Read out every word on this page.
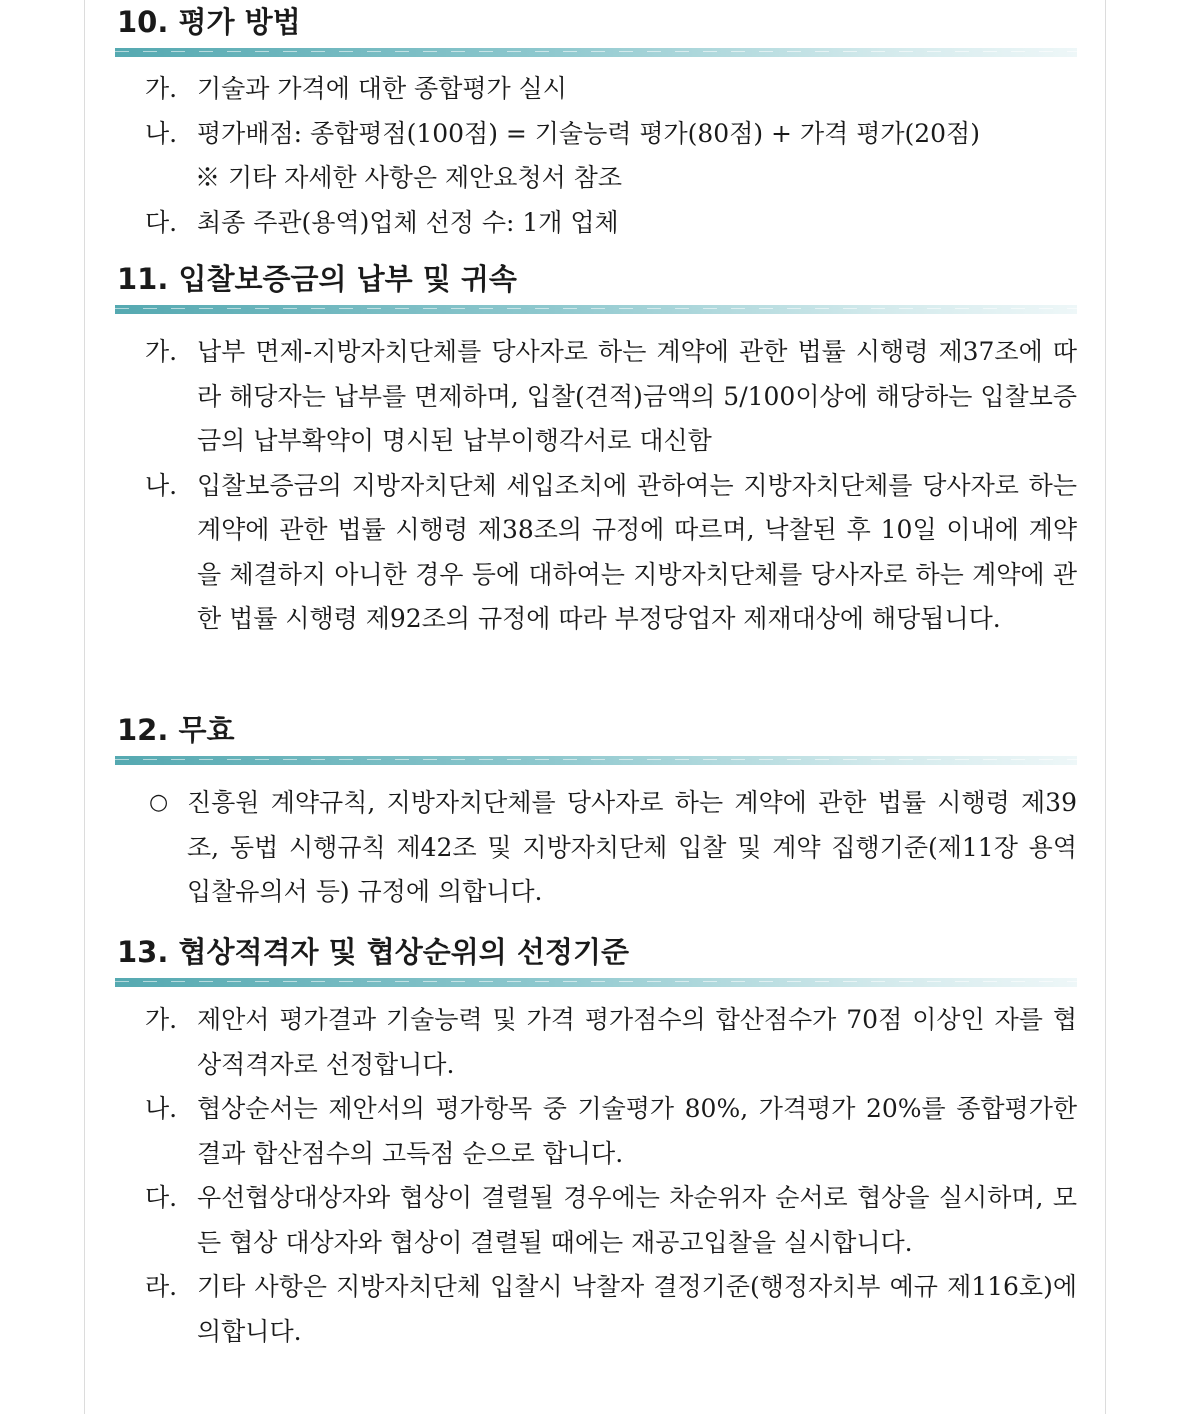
10. 평가 방법

가. 기술과 가격에 대한 종합평가 실시

나. 평가배점: 종합평점(100점) = 기술능력 평가(80점) + 가격 평가(20점)

※ 기타 자세한 사항은 제안요청서 참조

다. 최종 주관(용역)업체 선정 수: 1개 업체

11. 입찰보증금의 납부 및 귀속

가. 납부 면제-지방자치단체를 당사자로 하는 계약에 관한 법률 시행령 제37조에 따라 해당자는 납부를 면제하며, 입찰(견적)금액의 5/100이상에 해당하는 입찰보증금의 납부확약이 명시된 납부이행각서로 대신함

나. 입찰보증금의 지방자치단체 세입조치에 관하여는 지방자치단체를 당사자로 하는 계약에 관한 법률 시행령 제38조의 규정에 따르며, 낙찰된 후 10일 이내에 계약을 체결하지 아니한 경우 등에 대하여는 지방자치단체를 당사자로 하는 계약에 관한 법률 시행령 제92조의 규정에 따라 부정당업자 제재대상에 해당됩니다.

12. 무효

○ 진흥원 계약규칙, 지방자치단체를 당사자로 하는 계약에 관한 법률 시행령 제39조, 동법 시행규칙 제42조 및 지방자치단체 입찰 및 계약 집행기준(제11장 용역 입찰유의서 등) 규정에 의합니다.

13. 협상적격자 및 협상순위의 선정기준

가. 제안서 평가결과 기술능력 및 가격 평가점수의 합산점수가 70점 이상인 자를 협상적격자로 선정합니다.

나. 협상순서는 제안서의 평가항목 중 기술평가 80%, 가격평가 20%를 종합평가한 결과 합산점수의 고득점 순으로 합니다.

다. 우선협상대상자와 협상이 결렬될 경우에는 차순위자 순서로 협상을 실시하며, 모든 협상 대상자와 협상이 결렬될 때에는 재공고입찰을 실시합니다.

라. 기타 사항은 지방자치단체 입찰시 낙찰자 결정기준(행정자치부 예규 제116호)에 의합니다.
